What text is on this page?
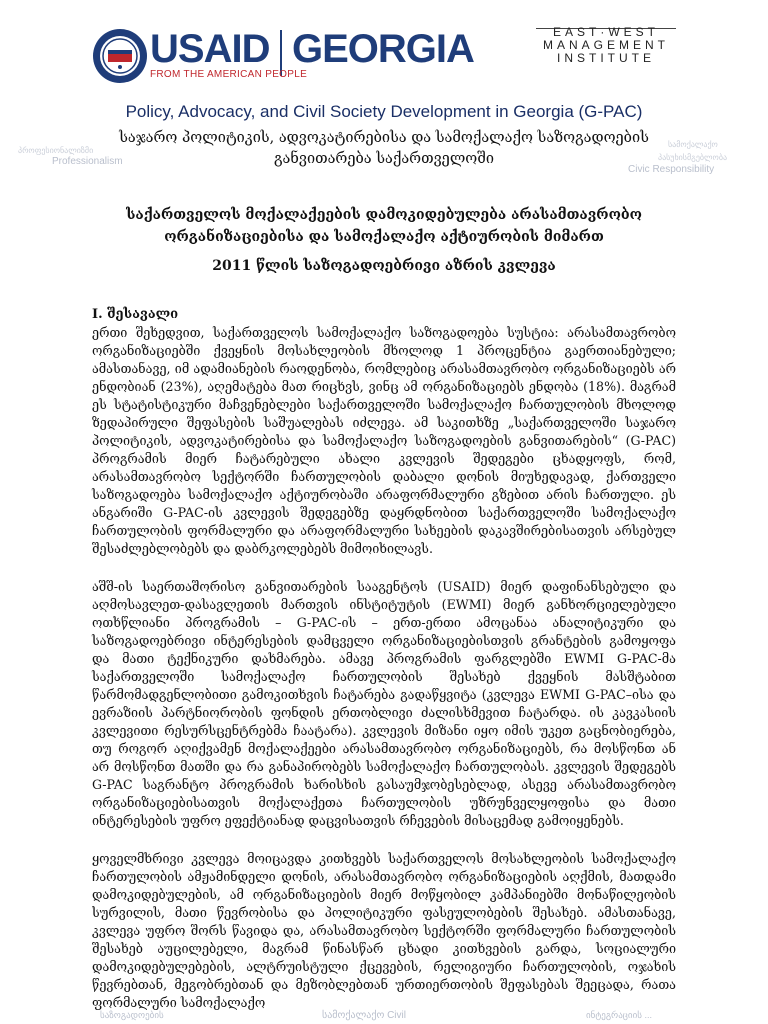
USAID GEORGIA
FROM THE AMERICAN PEOPLE
EAST·WEST
MANAGEMENT
INSTITUTE
Policy, Advocacy, and Civil Society Development in Georgia (G-PAC)
საჯარო პოლიტიკის, ადვოკატირებისა და სამოქალაქო საზოგადოების
განვითარება საქართველოში
პროფესიონალიზმი
Professionalism
სამოქალაქო
პასუხისმგებლობა
Civic Responsibility
საქართველოს მოქალაქეების დამოკიდებულება არასამთავრობო
ორგანიზაციებისა და სამოქალაქო აქტიურობის მიმართ
2011 წლის საზოგადოებრივი აზრის კვლევა
I. შესავალი

ერთი შეხედვით, საქართველოს სამოქალაქო საზოგადოება სუსტია: არასამთავრობო ორგანიზაციებში ქვეყნის მოსახლეობის მხოლოდ 1 პროცენტია გაერთიანებული; ამასთანავე, იმ ადამიანების რაოდენობა, რომლებიც არასამთავრობო ორგანიზაციებს არ ენდობიან (23%), აღემატება მათ რიცხვს, ვინც ამ ორგანიზაციებს ენდობა (18%). მაგრამ ეს სტატისტიკური მაჩვენებლები საქართველოში სამოქალაქო ჩართულობის მხოლოდ ზედაპირული შეფასების საშუალებას იძლევა. ამ საკითხზე „საქართველოში საჯარო პოლიტიკის, ადვოკატირებისა და სამოქალაქო საზოგადოების განვითარების“ (G-PAC) პროგრამის მიერ ჩატარებული ახალი კვლევის შედეგები ცხადყოფს, რომ, არასამთავრობო სექტორში ჩართულობის დაბალი დონის მიუხედავად, ქართველი საზოგადოება სამოქალაქო აქტიურობაში არაფორმალური გზებით არის ჩართული. ეს ანგარიში G-PAC-ის კვლევის შედეგებზე დაყრდნობით საქართველოში სამოქალაქო ჩართულობის ფორმალური და არაფორმალური სახეების დაკავშირებისათვის არსებულ შესაძლებლობებს და დაბრკოლებებს მიმოიხილავს.

აშშ-ის საერთაშორისო განვითარების სააგენტოს (USAID) მიერ დაფინანსებული და აღმოსავლეთ-დასავლეთის მართვის ინსტიტუტის (EWMI) მიერ განხორციელებული ოთხწლიანი პროგრამის – G-PAC-ის – ერთ-ერთი ამოცანაა ანალიტიკური და საზოგადოებრივი ინტერესების დამცველი ორგანიზაციებისთვის გრანტების გამოყოფა და მათი ტექნიკური დახმარება. ამავე პროგრამის ფარგლებში EWMI G-PAC-მა საქართველოში სამოქალაქო ჩართულობის შესახებ ქვეყნის მასშტაბით წარმომადგენლობითი გამოკითხვის ჩატარება გადაწყვიტა (კვლევა EWMI G-PAC–ისა და ევრაზიის პარტნიორობის ფონდის ერთობლივი ძალისხმევით ჩატარდა. ის კავკასიის კვლევითი რესურსცენტრებმა ჩაატარა). კვლევის მიზანი იყო იმის უკეთ გაცნობიერება, თუ როგორ აღიქვამენ მოქალაქეები არასამთავრობო ორგანიზაციებს, რა მოსწონთ ან არ მოსწონთ მათში და რა განაპირობებს სამოქალაქო ჩართულობას. კვლევის შედეგებს G-PAC საგრანტო პროგრამის ხარისხის გასაუმჯობესებლად, ასევე არასამთავრობო ორგანიზაციებისათვის მოქალაქეთა ჩართულობის უზრუნველყოფისა და მათი ინტერესების უფრო ეფექტიანად დაცვისათვის რჩევების მისაცემად გამოიყენებს.

ყოველმხრივი კვლევა მოიცავდა კითხვებს საქართველოს მოსახლეობის სამოქალაქო ჩართულობის ამჟამინდელი დონის, არასამთავრობო ორგანიზაციების აღქმის, მათდამი დამოკიდებულების, ამ ორგანიზაციების მიერ მოწყობილ კამპანიებში მონაწილეობის სურვილის, მათი წევრობისა და პოლიტიკური ფასეულობების შესახებ. ამასთანავე, კვლევა უფრო შორს წავიდა და, არასამთავრობო სექტორში ფორმალური ჩართულობის შესახებ აუცილებელი, მაგრამ წინასწარ ცხადი კითხვების გარდა, სოციალური დამოკიდებულებების, ალტრუისტული ქცევების, რელიგიური ჩართულობის, ოჯახის წევრებთან, მეგობრებთან და მეზობლებთან ურთიერთობის შეფასებას შეეცადა, რათა ფორმალური სამოქალაქო

საზოგადოების	სამოქალაქო Civil	ინტეგრაციის ...
